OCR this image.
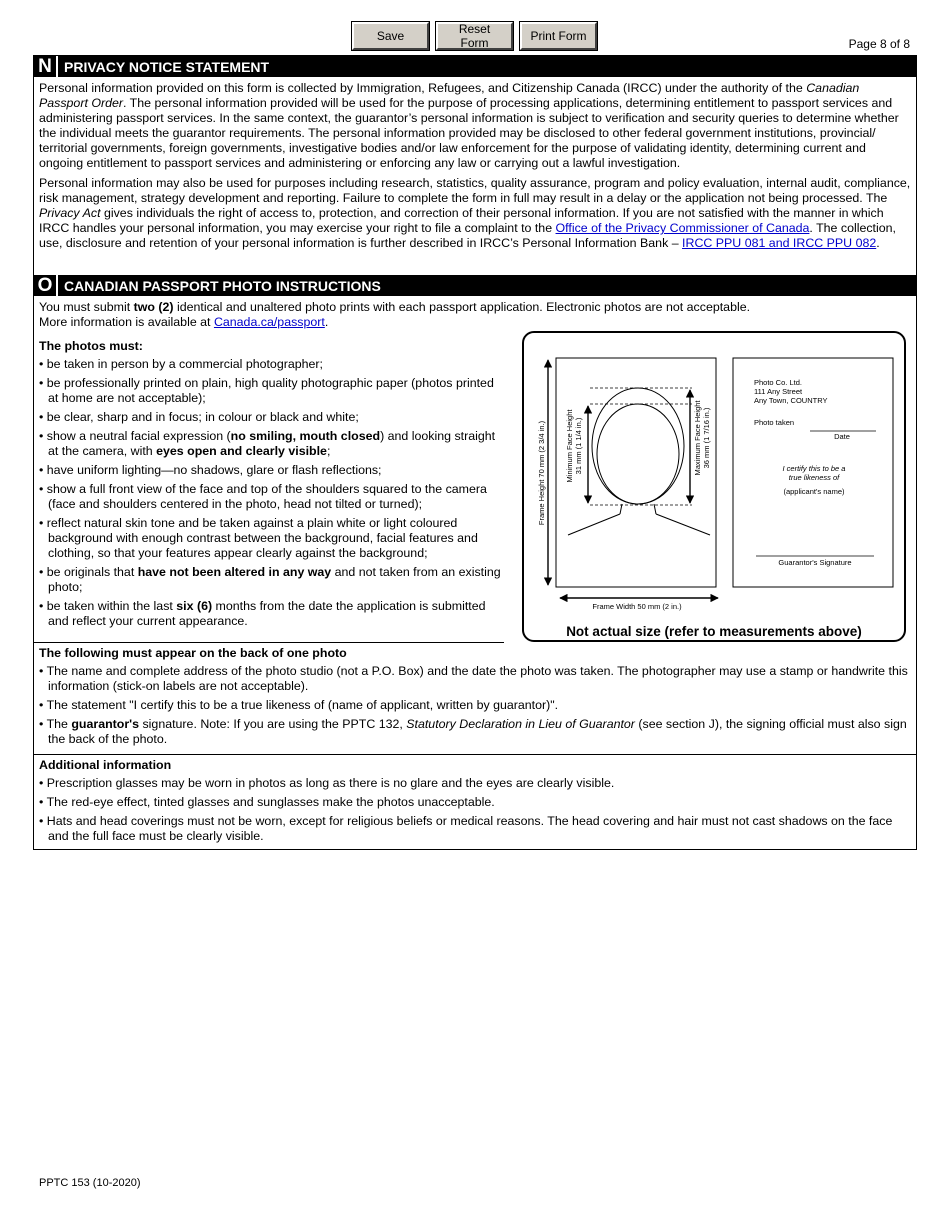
Save	Reset Form	Print Form
Page 8 of 8
N PRIVACY NOTICE STATEMENT

Personal information provided on this form is collected by Immigration, Refugees, and Citizenship Canada (IRCC) under the authority of the Canadian Passport Order. The personal information provided will be used for the purpose of processing applications, determining entitlement to passport services and administering passport services. In the same context, the guarantor’s personal information is subject to verification and security queries to determine whether the individual meets the guarantor requirements. The personal information provided may be disclosed to other federal government institutions, provincial/ territorial governments, foreign governments, investigative bodies and/or law enforcement for the purpose of validating identity, determining current and ongoing entitlement to passport services and administering or enforcing any law or carrying out a lawful investigation.

Personal information may also be used for purposes including research, statistics, quality assurance, program and policy evaluation, internal audit, compliance, risk management, strategy development and reporting. Failure to complete the form in full may result in a delay or the application not being processed. The Privacy Act gives individuals the right of access to, protection, and correction of their personal information. If you are not satisfied with the manner in which IRCC handles your personal information, you may exercise your right to file a complaint to the Office of the Privacy Commissioner of Canada. The collection, use, disclosure and retention of your personal information is further described in IRCC’s Personal Information Bank – IRCC PPU 081 and IRCC PPU 082.

O CANADIAN PASSPORT PHOTO INSTRUCTIONS

You must submit two (2) identical and unaltered photo prints with each passport application. Electronic photos are not acceptable.

More information is available at Canada.ca/passport.

The photos must:
• be taken in person by a commercial photographer;
• be professionally printed on plain, high quality photographic paper (photos printed at home are not acceptable);
• be clear, sharp and in focus; in colour or black and white;
• show a neutral facial expression (no smiling, mouth closed) and looking straight at the camera, with eyes open and clearly visible;
• have uniform lighting—no shadows, glare or flash reflections;
• show a full front view of the face and top of the shoulders squared to the camera (face and shoulders centered in the photo, head not tilted or turned);
• reflect natural skin tone and be taken against a plain white or light coloured background with enough contrast between the background, facial features and clothing, so that your features appear clearly against the background;
• be originals that have not been altered in any way and not taken from an existing photo;
• be taken within the last six (6) months from the date the application is submitted and reflect your current appearance.
Frame Height 70 mm (2 3/4 in.)	Minimum Face Height 31 mm (1 1/4 in.)	Maximum Face Height 36 mm (1 7/16 in.)
Frame Width 50 mm (2 in.)
Photo Co. Ltd.
111 Any Street
Any Town, COUNTRY
Photo taken
Date
I certify this to be a
true likeness of
(applicant's name)
Guarantor's Signature
Not actual size (refer to measurements above)
The following must appear on the back of one photo
• The name and complete address of the photo studio (not a P.O. Box) and the date the photo was taken. The photographer may use a stamp or handwrite this information (stick-on labels are not acceptable).
• The statement "I certify this to be a true likeness of (name of applicant, written by guarantor)".
• The guarantor's signature. Note: If you are using the PPTC 132, Statutory Declaration in Lieu of Guarantor (see section J), the signing official must also sign the back of the photo.
Additional information
• Prescription glasses may be worn in photos as long as there is no glare and the eyes are clearly visible.
• The red-eye effect, tinted glasses and sunglasses make the photos unacceptable.
• Hats and head coverings must not be worn, except for religious beliefs or medical reasons. The head covering and hair must not cast shadows on the face and the full face must be clearly visible.
PPTC 153 (10-2020)
